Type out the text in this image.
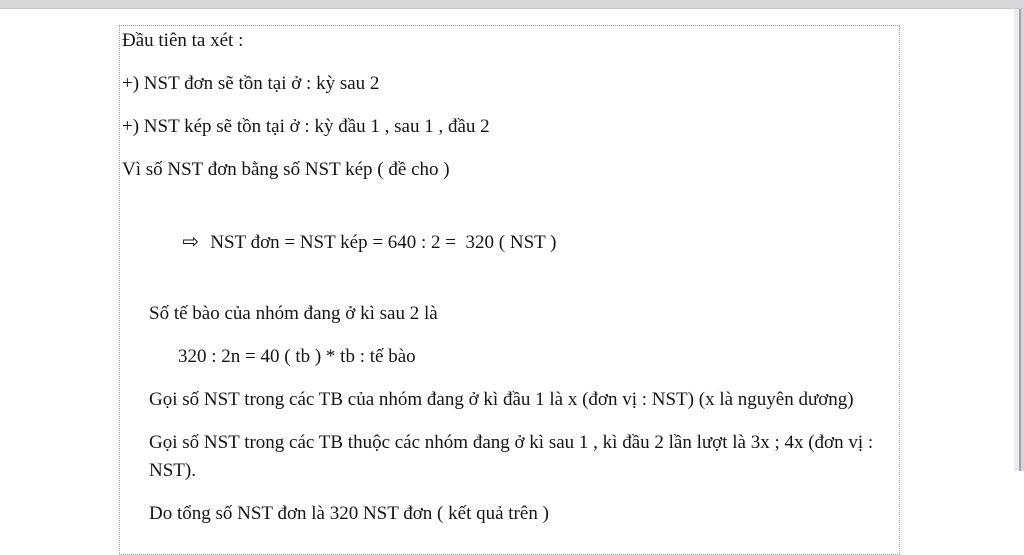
Đầu tiên ta xét :

+) NST đơn sẽ tồn tại ở : kỳ sau 2

+) NST kép sẽ tồn tại ở : kỳ đầu 1 , sau 1 , đầu 2

Vì số NST đơn bằng số NST kép ( đề cho )

⇨ NST đơn = NST kép = 640 : 2 =  320 ( NST )

Số tế bào của nhóm đang ở kì sau 2 là

320 : 2n = 40 ( tb ) * tb : tế bào

Gọi số NST trong các TB của nhóm đang ở kì đầu 1 là x (đơn vị : NST) (x là nguyên dương)

Gọi số NST trong các TB thuộc các nhóm đang ở kì sau 1 , kì đầu 2 lần lượt là 3x ; 4x (đơn vị : NST).

Do tổng số NST đơn là 320 NST đơn ( kết quả trên )
